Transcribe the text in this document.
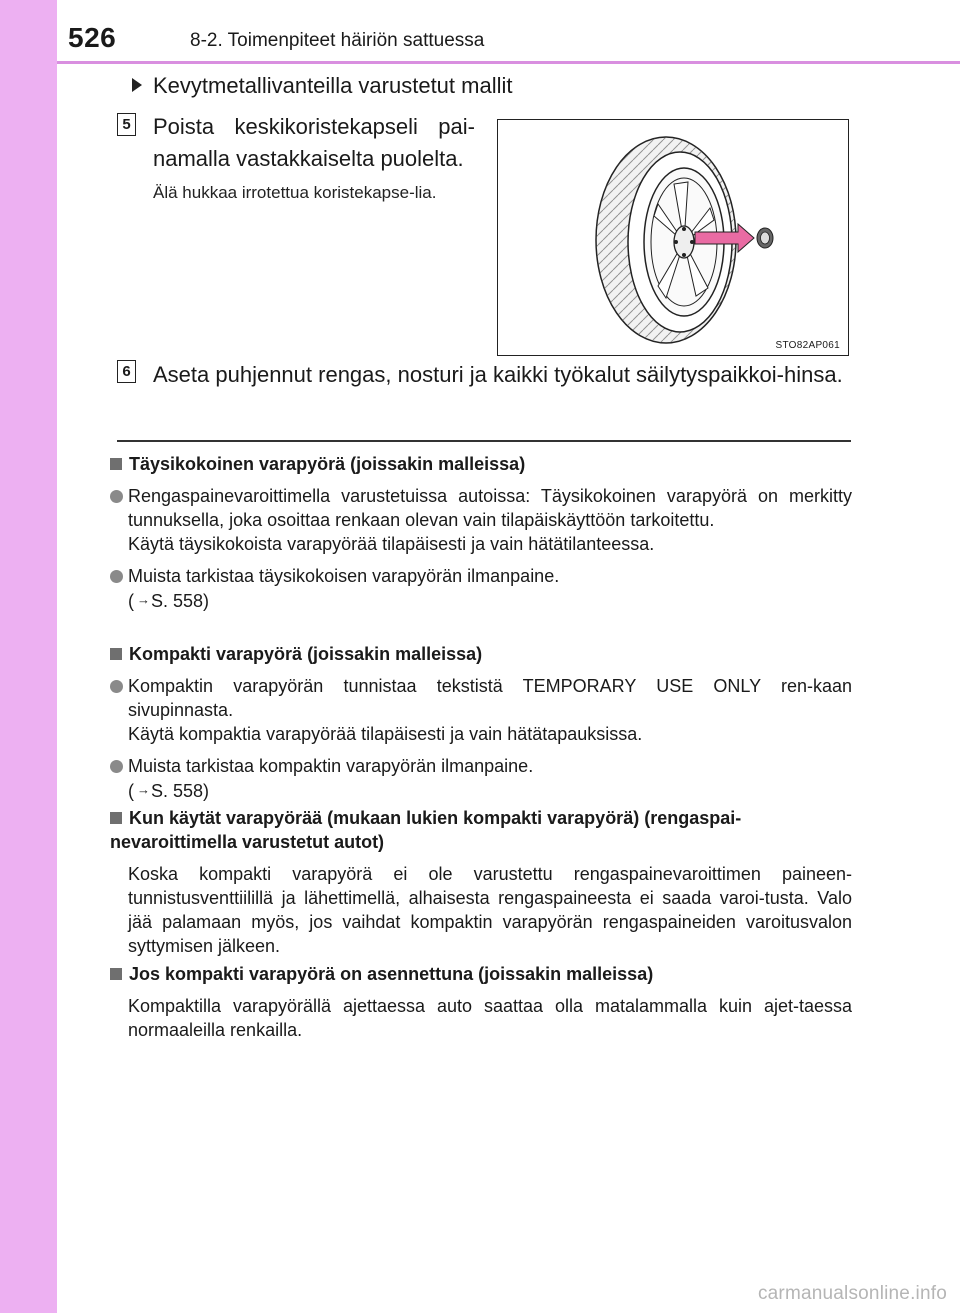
526	8-2. Toimenpiteet häiriön sattuessa
Kevytmetallivanteilla varustetut mallit
5 Poista keskikoristekapseli pai-namalla vastakkaiselta puolelta.
Älä hukkaa irrotettua koristekapse-lia.
STO82AP061
6 Aseta puhjennut rengas, nosturi ja kaikki työkalut säilytyspaikkoi-hinsa.
Täysikokoinen varapyörä (joissakin malleissa)
Rengaspainevaroittimella varustetuissa autoissa: Täysikokoinen varapyörä on merkitty tunnuksella, joka osoittaa renkaan olevan vain tilapäiskäyttöön tarkoitettu.
Käytä täysikokoista varapyörää tilapäisesti ja vain hätätilanteessa.
Muista tarkistaa täysikokoisen varapyörän ilmanpaine.
( →S. 558)
Kompakti varapyörä (joissakin malleissa)
Kompaktin varapyörän tunnistaa tekstistä TEMPORARY USE ONLY ren-kaan sivupinnasta.
Käytä kompaktia varapyörää tilapäisesti ja vain hätätapauksissa.
Muista tarkistaa kompaktin varapyörän ilmanpaine.
( →S. 558)
Kun käytät varapyörää (mukaan lukien kompakti varapyörä) (rengaspai-nevaroittimella varustetut autot)
Koska kompakti varapyörä ei ole varustettu rengaspainevaroittimen paineen-tunnistusventtiilillä ja lähettimellä, alhaisesta rengaspaineesta ei saada varoi-tusta. Valo jää palamaan myös, jos vaihdat kompaktin varapyörän rengaspaineiden varoitusvalon syttymisen jälkeen.
Jos kompakti varapyörä on asennettuna (joissakin malleissa)
Kompaktilla varapyörällä ajettaessa auto saattaa olla matalammalla kuin ajet-taessa normaaleilla renkailla.
carmanualsonline.info
